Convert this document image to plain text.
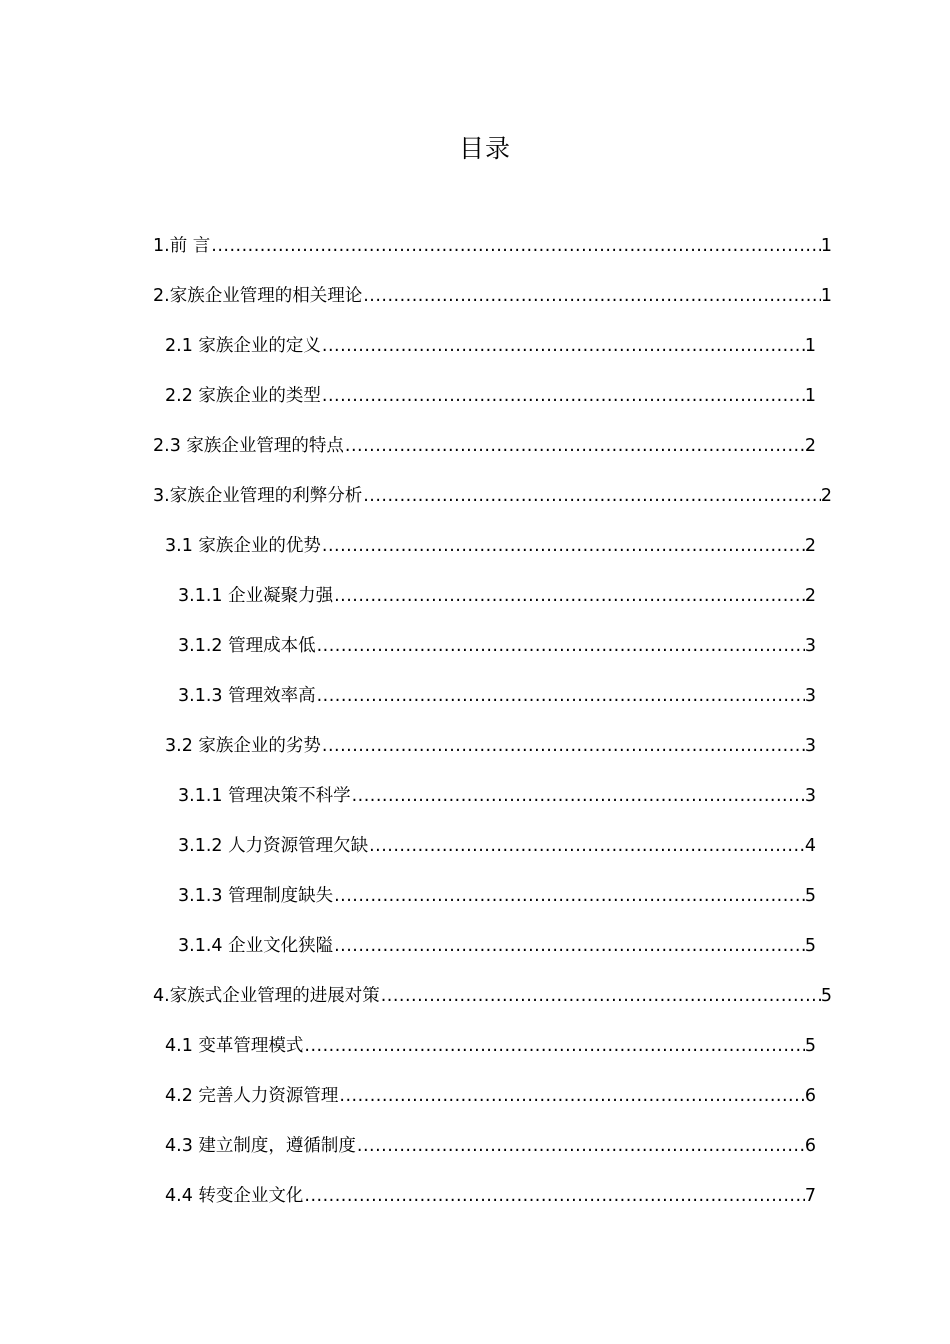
目录
1.前 言 .....	1
2.家族企业管理的相关理论 .....	1
2.1 家族企业的定义 .....	1
2.2 家族企业的类型 .....	1
2.3 家族企业管理的特点 .....	2
3.家族企业管理的利弊分析 .....	2
3.1 家族企业的优势 .....	2
3.1.1 企业凝聚力强 .....	2
3.1.2 管理成本低 .....	3
3.1.3 管理效率高 .....	3
3.2 家族企业的劣势 .....	3
3.1.1 管理决策不科学 .....	3
3.1.2 人力资源管理欠缺 .....	4
3.1.3 管理制度缺失 .....	5
3.1.4 企业文化狭隘 .....	5
4.家族式企业管理的进展对策 .....	5
4.1 变革管理模式 .....	5
4.2 完善人力资源管理 .....	6
4.3 建立制度，遵循制度 .....	6
4.4 转变企业文化 .....	7
